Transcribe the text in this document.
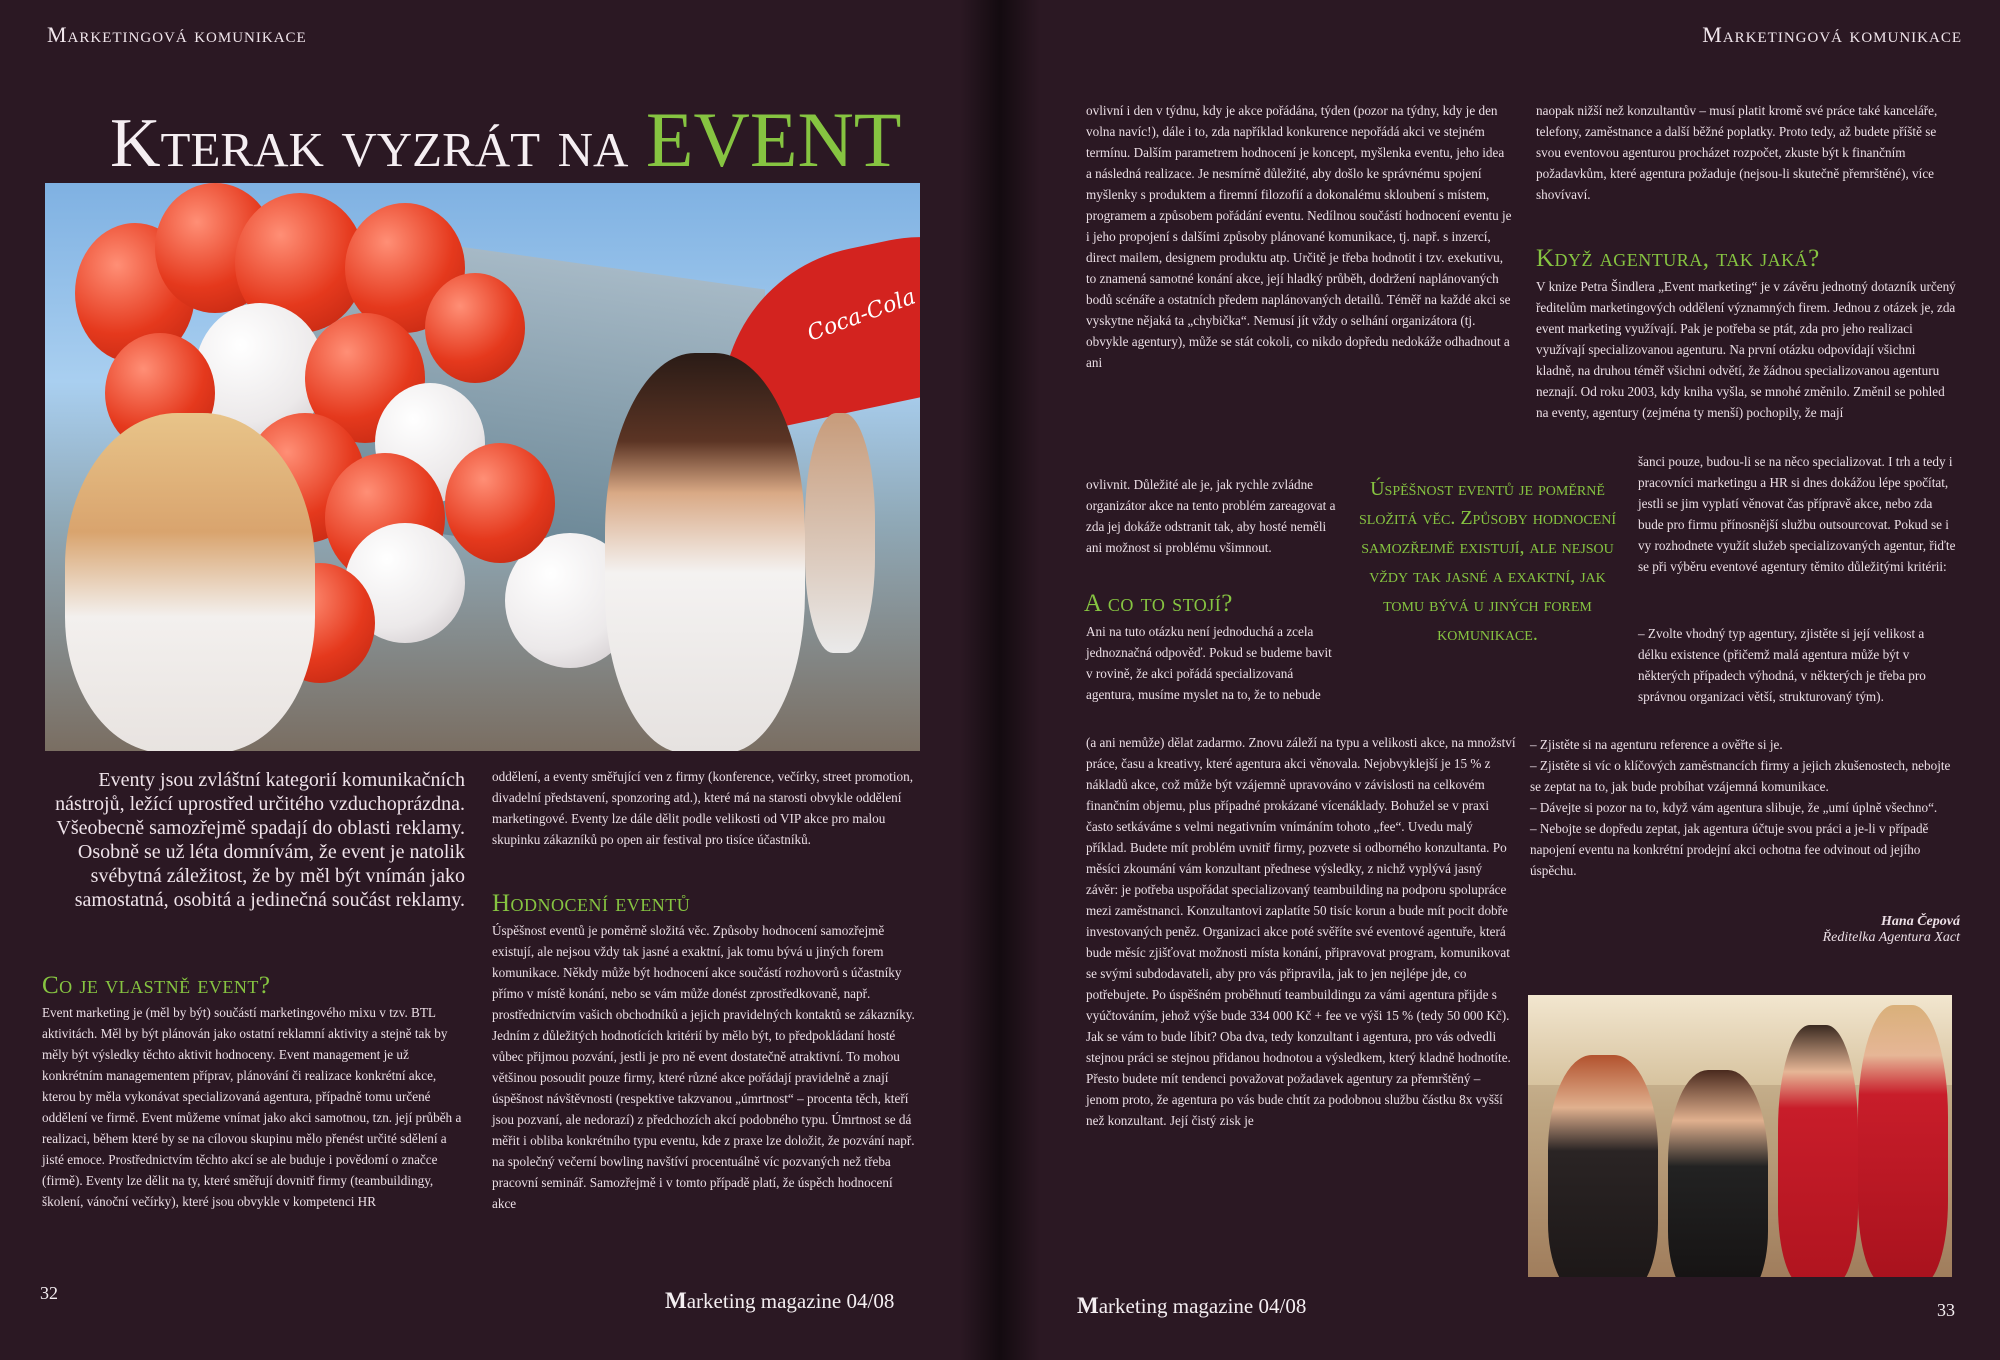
Marketingová komunikace
Kterak vyzrát na EVENT
Coca-Cola
Eventy jsou zvláštní kategorií komunikačních nástrojů, ležící uprostřed určitého vzduchoprázdna. Všeobecně samozřejmě spadají do oblasti reklamy. Osobně se už léta domnívám, že event je natolik svébytná záležitost, že by měl být vnímán jako samostatná, osobitá a jedinečná součást reklamy.

oddělení, a eventy směřující ven z firmy (konference, večírky, street promotion, divadelní představení, sponzoring atd.), které má na starosti obvykle oddělení marketingové. Eventy lze dále dělit podle velikosti od VIP akce pro malou skupinku zákazníků po open air festival pro tisíce účastníků.

Hodnocení eventů

Úspěšnost eventů je poměrně složitá věc. Způsoby hodnocení samozřejmě existují, ale nejsou vždy tak jasné a exaktní, jak tomu bývá u jiných forem komunikace. Někdy může být hodnocení akce součástí rozhovorů s účastníky přímo v místě konání, nebo se vám může donést zprostředkovaně, např. prostřednictvím vašich obchodníků a jejich pravidelných kontaktů se zákazníky. Jedním z důležitých hodnotících kritérií by mělo být, to předpokládaní hosté vůbec přijmou pozvání, jestli je pro ně event dostatečně atraktivní. To mohou většinou posoudit pouze firmy, které různé akce pořádají pravidelně a znají úspěšnost návštěvnosti (respektive takzvanou „úmrtnost“ – procenta těch, kteří jsou pozvaní, ale nedorazí) z předchozích akcí podobného typu. Úmrtnost se dá měřit i obliba konkrétního typu eventu, kde z praxe lze doložit, že pozvání např. na společný večerní bowling navštíví procentuálně víc pozvaných než třeba pracovní seminář. Samozřejmě i v tomto případě platí, že úspěch hodnocení akce

Co je vlastně event?

Event marketing je (měl by být) součástí marketingového mixu v tzv. BTL aktivitách. Měl by být plánován jako ostatní reklamní aktivity a stejně tak by měly být výsledky těchto aktivit hodnoceny. Event management je už konkrétním managementem příprav, plánování či realizace konkrétní akce, kterou by měla vykonávat specializovaná agentura, případně tomu určené oddělení ve firmě. Event můžeme vnímat jako akci samotnou, tzn. její průběh a realizaci, během které by se na cílovou skupinu mělo přenést určité sdělení a jisté emoce. Prostřednictvím těchto akcí se ale buduje i povědomí o značce (firmě). Eventy lze dělit na ty, které směřují dovnitř firmy (teambuildingy, školení, vánoční večírky), které jsou obvykle v kompetenci HR

32	Marketing magazine 04/08
Marketingová komunikace

ovlivní i den v týdnu, kdy je akce pořádána, týden (pozor na týdny, kdy je den volna navíc!), dále i to, zda například konkurence nepořádá akci ve stejném termínu. Dalším parametrem hodnocení je koncept, myšlenka eventu, jeho idea a následná realizace. Je nesmírně důležité, aby došlo ke správnému spojení myšlenky s produktem a firemní filozofií a dokonalému skloubení s místem, programem a způsobem pořádání eventu. Nedílnou součástí hodnocení eventu je i jeho propojení s dalšími způsoby plánované komunikace, tj. např. s inzercí, direct mailem, designem produktu atp. Určitě je třeba hodnotit i tzv. exekutivu, to znamená samotné konání akce, její hladký průběh, dodržení naplánovaných bodů scénáře a ostatních předem naplánovaných detailů. Téměř na každé akci se vyskytne nějaká ta „chybička“. Nemusí jít vždy o selhání organizátora (tj. obvykle agentury), může se stát cokoli, co nikdo dopředu nedokáže odhadnout a ani

ovlivnit. Důležité ale je, jak rychle zvládne organizátor akce na tento problém zareagovat a zda jej dokáže odstranit tak, aby hosté neměli ani možnost si problému všimnout.

A co to stojí?

Ani na tuto otázku není jednoduchá a zcela jednoznačná odpověď. Pokud se budeme bavit v rovině, že akci pořádá specializovaná agentura, musíme myslet na to, že to nebude

(a ani nemůže) dělat zadarmo. Znovu záleží na typu a velikosti akce, na množství práce, času a kreativy, které agentura akci věnovala. Nejobvyklejší je 15 % z nákladů akce, což může být vzájemně upravováno v závislosti na celkovém finančním objemu, plus případné prokázané vícenáklady. Bohužel se v praxi často setkáváme s velmi negativním vnímáním tohoto „fee“. Uvedu malý příklad. Budete mít problém uvnitř firmy, pozvete si odborného konzultanta. Po měsíci zkoumání vám konzultant přednese výsledky, z nichž vyplývá jasný závěr: je potřeba uspořádat specializovaný teambuilding na podporu spolupráce mezi zaměstnanci. Konzultantovi zaplatíte 50 tisíc korun a bude mít pocit dobře investovaných peněz. Organizaci akce poté svěříte své eventové agentuře, která bude měsíc zjišťovat možnosti místa konání, připravovat program, komunikovat se svými subdodavateli, aby pro vás připravila, jak to jen nejlépe jde, co potřebujete. Po úspěšném proběhnutí teambuildingu za vámi agentura přijde s vyúčtováním, jehož výše bude 334 000 Kč + fee ve výši 15 % (tedy 50 000 Kč). Jak se vám to bude líbit? Oba dva, tedy konzultant i agentura, pro vás odvedli stejnou práci se stejnou přidanou hodnotou a výsledkem, který kladně hodnotíte. Přesto budete mít tendenci považovat požadavek agentury za přemrštěný – jenom proto, že agentura po vás bude chtít za podobnou službu částku 8x vyšší než konzultant. Její čistý zisk je

naopak nižší než konzultantův – musí platit kromě své práce také kanceláře, telefony, zaměstnance a další běžné poplatky. Proto tedy, až budete příště se svou eventovou agenturou procházet rozpočet, zkuste být k finančním požadavkům, které agentura požaduje (nejsou-li skutečně přemrštěné), více shovívaví.

Když agentura, tak jaká?

V knize Petra Šindlera „Event marketing“ je v závěru jednotný dotazník určený ředitelům marketingových oddělení významných firem. Jednou z otázek je, zda event marketing využívají. Pak je potřeba se ptát, zda pro jeho realizaci využívají specializovanou agenturu. Na první otázku odpovídají všichni kladně, na druhou téměř všichni odvětí, že žádnou specializovanou agenturu neznají. Od roku 2003, kdy kniha vyšla, se mnohé změnilo. Změnil se pohled na eventy, agentury (zejména ty menší) pochopily, že mají

šanci pouze, budou-li se na něco specializovat. I trh a tedy i pracovníci marketingu a HR si dnes dokážou lépe spočítat, jestli se jim vyplatí věnovat čas přípravě akce, nebo zda bude pro firmu přínosnější službu outsourcovat. Pokud se i vy rozhodnete využít služeb specializovaných agentur, řiďte se při výběru eventové agentury těmito důležitými kritérii:

– Zvolte vhodný typ agentury, zjistěte si její velikost a délku existence (přičemž malá agentura může být v některých případech výhodná, v některých je třeba pro správnou organizaci větší, strukturovaný tým).

– Zjistěte si na agenturu reference a ověřte si je.

– Zjistěte si víc o klíčových zaměstnancích firmy a jejich zkušenostech, nebojte se zeptat na to, jak bude probíhat vzájemná komunikace.

– Dávejte si pozor na to, když vám agentura slibuje, že „umí úplně všechno“.

– Nebojte se dopředu zeptat, jak agentura účtuje svou práci a je-li v případě napojení eventu na konkrétní prodejní akci ochotna fee odvinout od jejího úspěchu.

Hana Čepová
Ředitelka Agentura Xact
33
Marketing magazine 04/08
Úspěšnost eventů je poměrně složitá věc. Způsoby hodnocení samozřejmě existují, ale nejsou vždy tak jasné a exaktní, jak tomu bývá u jiných forem komunikace.
